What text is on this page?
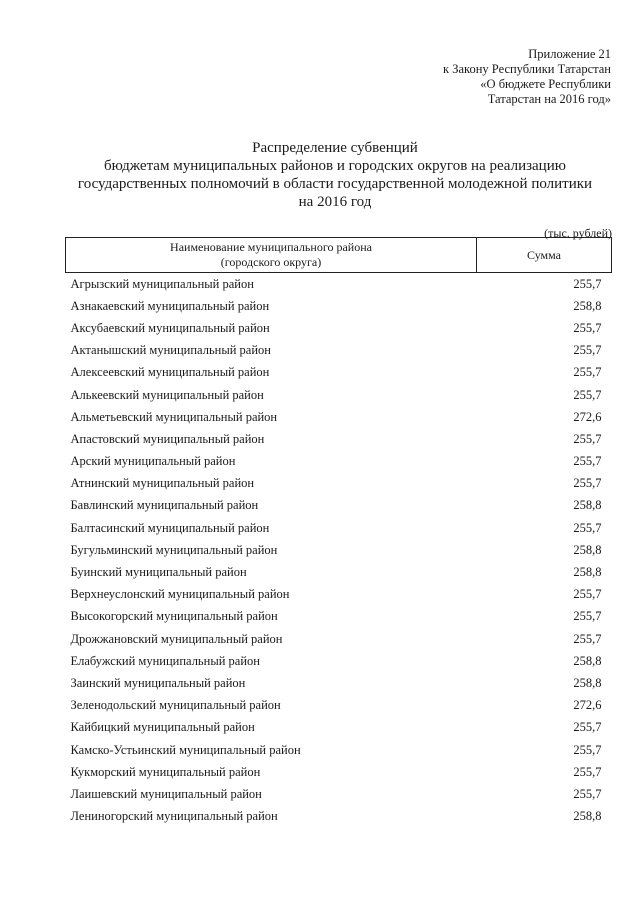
Приложение 21
к Закону Республики Татарстан
«О бюджете Республики
Татарстан на 2016 год»
Распределение субвенций
бюджетам муниципальных районов и городских округов на реализацию
государственных полномочий в области государственной молодежной политики
на 2016 год
(тыс. рублей)
Наименование муниципального района
(городского округа)	Сумма
Агрызский муниципальный район	255,7
Азнакаевский муниципальный район	258,8
Аксубаевский муниципальный район	255,7
Актанышский муниципальный район	255,7
Алексеевский муниципальный район	255,7
Алькеевский муниципальный район	255,7
Альметьевский муниципальный район	272,6
Апастовский муниципальный район	255,7
Арский муниципальный район	255,7
Атнинский муниципальный район	255,7
Бавлинский муниципальный район	258,8
Балтасинский муниципальный район	255,7
Бугульминский муниципальный район	258,8
Буинский муниципальный район	258,8
Верхнеуслонский муниципальный район	255,7
Высокогорский муниципальный район	255,7
Дрожжановский муниципальный район	255,7
Елабужский муниципальный район	258,8
Заинский муниципальный район	258,8
Зеленодольский муниципальный район	272,6
Кайбицкий муниципальный район	255,7
Камско-Устьинский муниципальный район	255,7
Кукморский муниципальный район	255,7
Лаишевский муниципальный район	255,7
Лениногорский муниципальный район	258,8
